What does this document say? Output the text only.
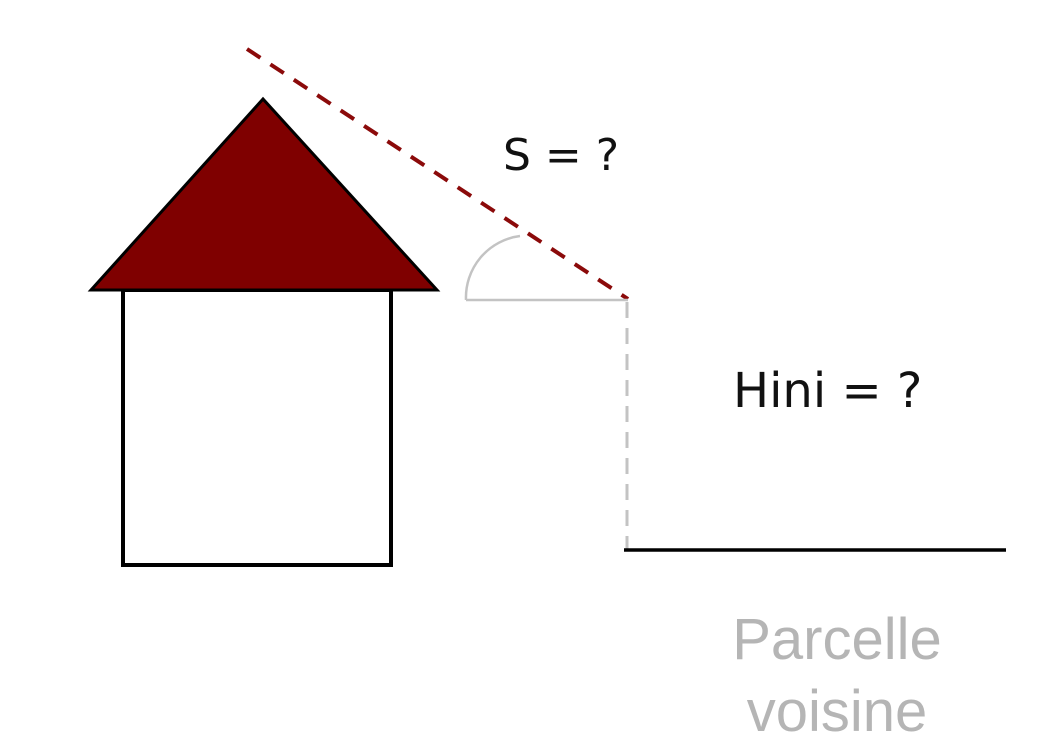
S = ?
Hini = ?
Parcelle
voisine
